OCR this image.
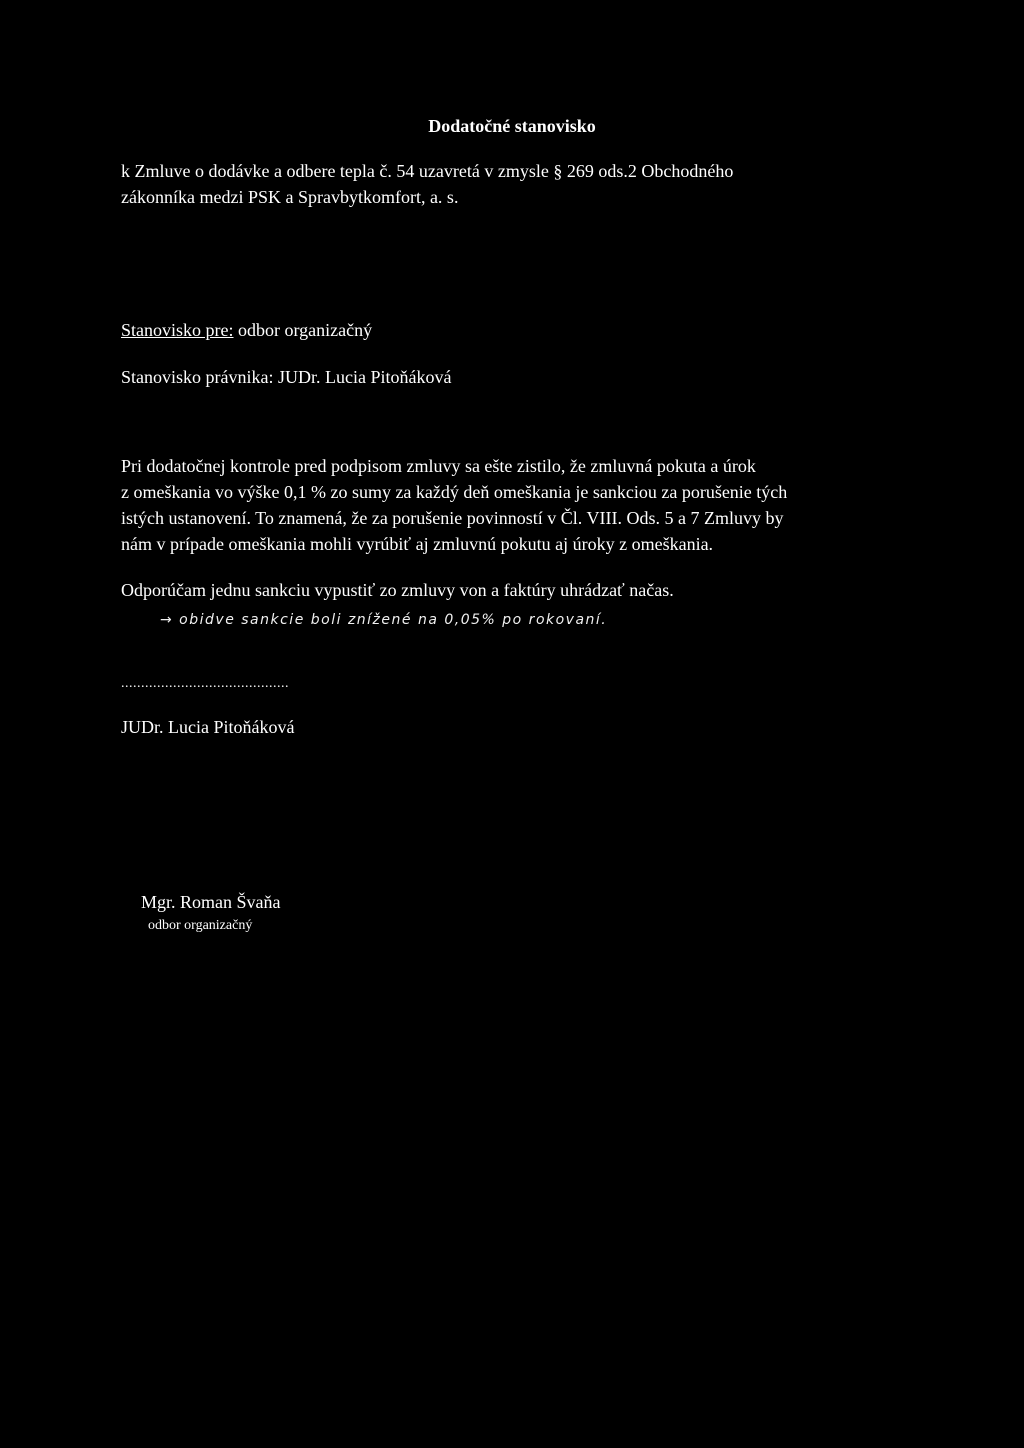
Dodatočné stanovisko
k Zmluve o dodávke a odbere tepla č. 54 uzavretá v zmysle § 269 ods.2 Obchodného
zákonníka medzi PSK a Spravbytkomfort, a. s.
Stanovisko pre: odbor organizačný
Stanovisko právnika: JUDr. Lucia Pitoňáková
Pri dodatočnej kontrole pred podpisom zmluvy sa ešte zistilo, že zmluvná pokuta a úrok
z omeškania vo výške 0,1 % zo sumy za každý deň omeškania je sankciou za porušenie tých
istých ustanovení. To znamená, že za porušenie povinností v Čl. VIII. Ods. 5 a 7 Zmluvy by
nám v prípade omeškania mohli vyrúbiť aj zmluvnú pokutu aj úroky z omeškania.
Odporúčam jednu sankciu vypustiť zo zmluvy von a faktúry uhrádzať načas.
→ obidve sankcie boli znížené na 0,05% po rokovaní.
..........................................
JUDr. Lucia Pitoňáková
Mgr. Roman Švaňa
odbor organizačný
